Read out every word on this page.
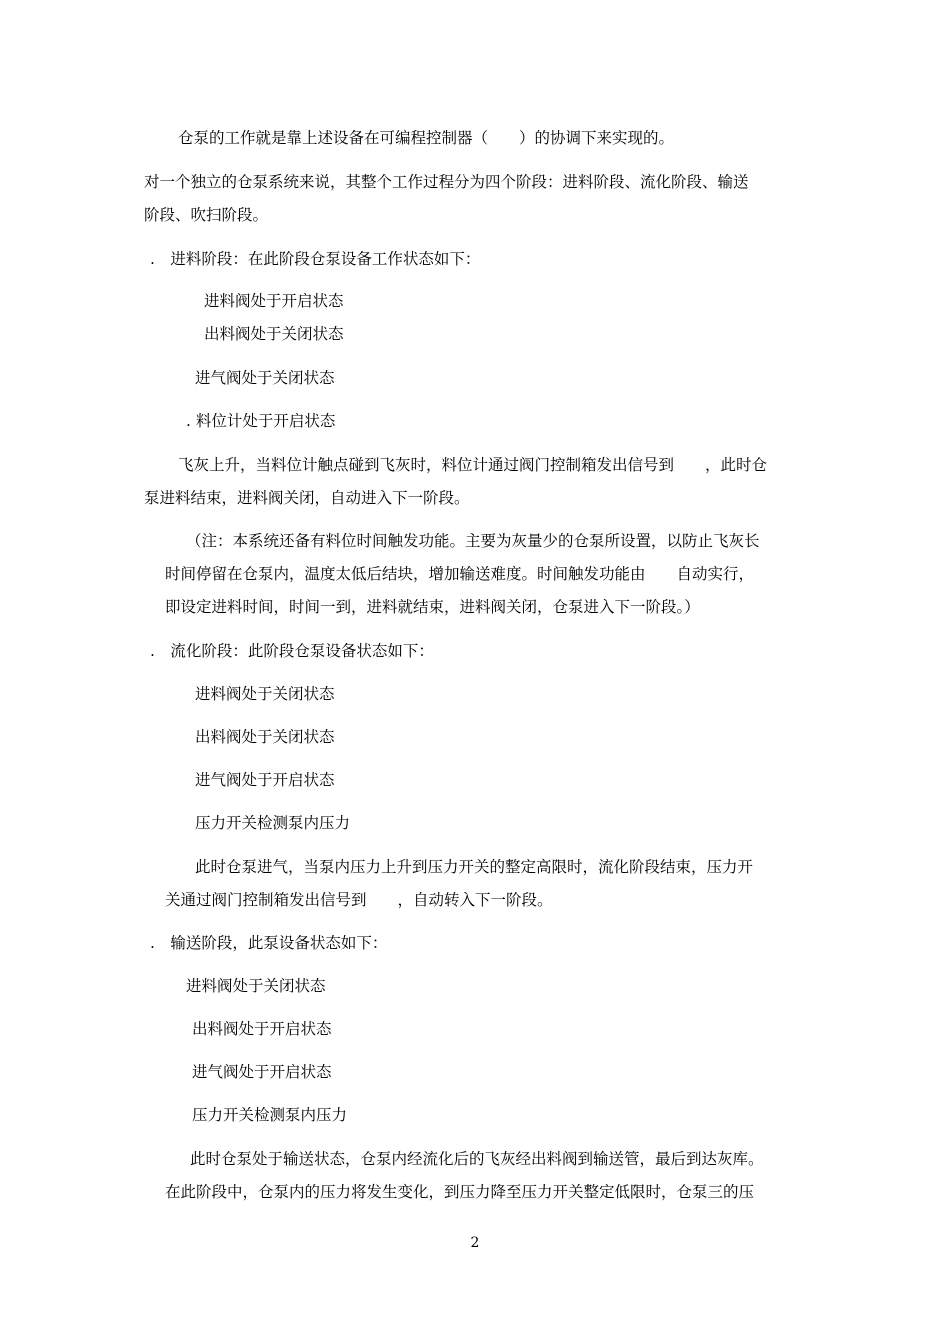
仓泵的工作就是靠上述设备在可编程控制器（　　）的协调下来实现的。

对一个独立的仓泵系统来说，其整个工作过程分为四个阶段：进料阶段、流化阶段、输送

阶段、吹扫阶段。

.　进料阶段：在此阶段仓泵设备工作状态如下：

进料阀处于开启状态

出料阀处于关闭状态

进气阀处于关闭状态

. 料位计处于开启状态

飞灰上升，当料位计触点碰到飞灰时，料位计通过阀门控制箱发出信号到　　，此时仓

泵进料结束，进料阀关闭，自动进入下一阶段。

（注：本系统还备有料位时间触发功能。主要为灰量少的仓泵所设置，以防止飞灰长

时间停留在仓泵内，温度太低后结块，增加输送难度。时间触发功能由　　自动实行，

即设定进料时间，时间一到，进料就结束，进料阀关闭，仓泵进入下一阶段。）

.　流化阶段：此阶段仓泵设备状态如下：

进料阀处于关闭状态

出料阀处于关闭状态

进气阀处于开启状态

压力开关检测泵内压力

此时仓泵进气，当泵内压力上升到压力开关的整定高限时，流化阶段结束，压力开

关通过阀门控制箱发出信号到　　，自动转入下一阶段。

.　输送阶段，此泵设备状态如下：

进料阀处于关闭状态

出料阀处于开启状态

进气阀处于开启状态

压力开关检测泵内压力

此时仓泵处于输送状态，仓泵内经流化后的飞灰经出料阀到输送管，最后到达灰库。

在此阶段中，仓泵内的压力将发生变化，到压力降至压力开关整定低限时，仓泵三的压

2
